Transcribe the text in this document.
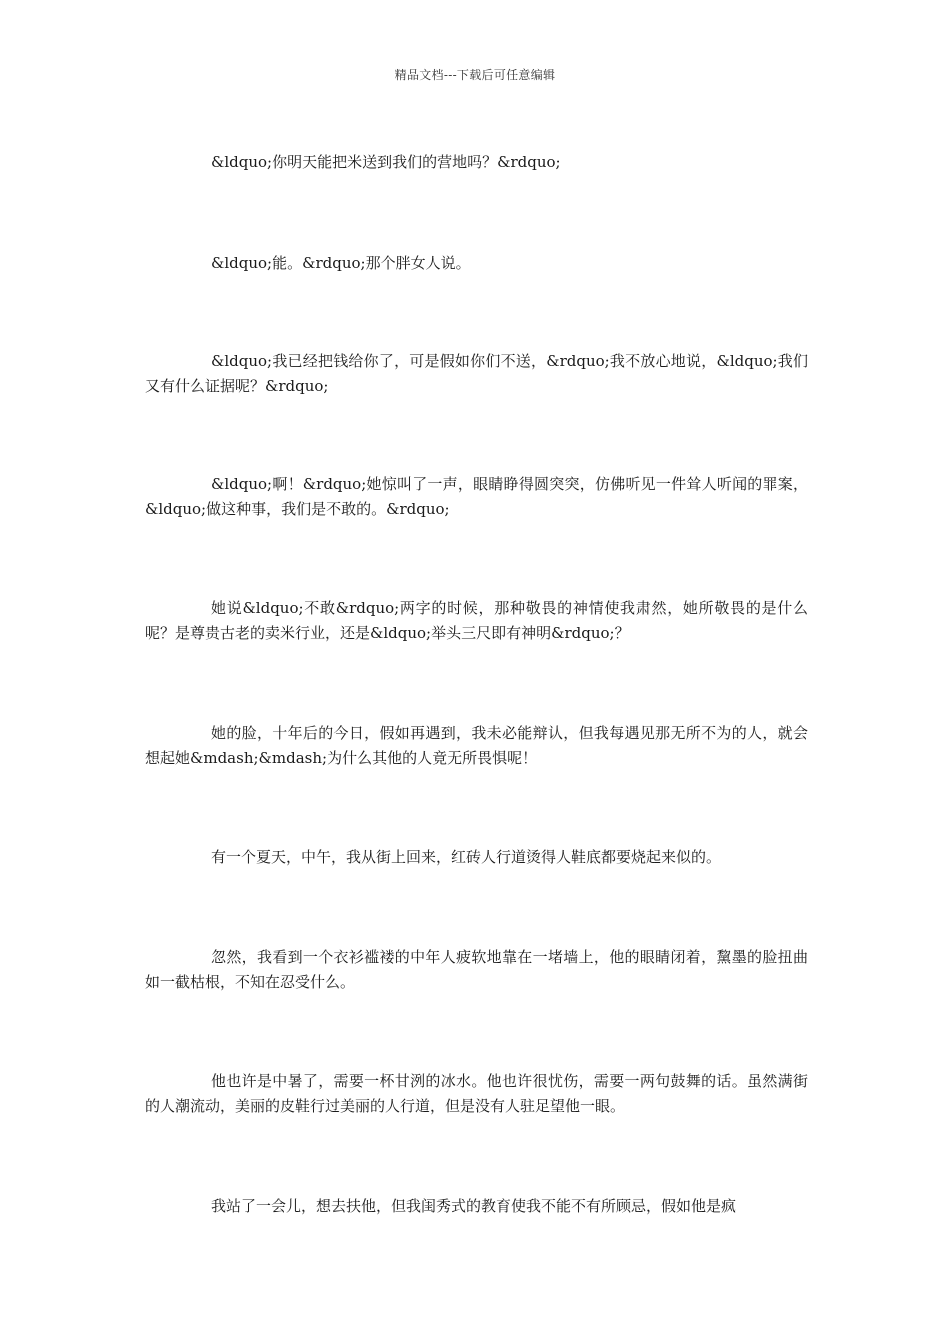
精品文档---下载后可任意编辑

&ldquo;你明天能把米送到我们的营地吗？&rdquo;

&ldquo;能。&rdquo;那个胖女人说。

&ldquo;我已经把钱给你了，可是假如你们不送，&rdquo;我不放心地说，&ldquo;我们又有什么证据呢？&rdquo;

&ldquo;啊！&rdquo;她惊叫了一声，眼睛睁得圆突突，仿佛听见一件耸人听闻的罪案，&ldquo;做这种事，我们是不敢的。&rdquo;

她说&ldquo;不敢&rdquo;两字的时候，那种敬畏的神情使我肃然，她所敬畏的是什么呢？是尊贵古老的卖米行业，还是&ldquo;举头三尺即有神明&rdquo;？

她的脸，十年后的今日，假如再遇到，我未必能辩认，但我每遇见那无所不为的人，就会想起她&mdash;&mdash;为什么其他的人竟无所畏惧呢！

有一个夏天，中午，我从街上回来，红砖人行道烫得人鞋底都要烧起来似的。

忽然，我看到一个衣衫褴褛的中年人疲软地靠在一堵墙上，他的眼睛闭着，黧墨的脸扭曲如一截枯根，不知在忍受什么。

他也许是中暑了，需要一杯甘洌的冰水。他也许很忧伤，需要一两句鼓舞的话。虽然满街的人潮流动，美丽的皮鞋行过美丽的人行道，但是没有人驻足望他一眼。

我站了一会儿，想去扶他，但我闺秀式的教育使我不能不有所顾忌，假如他是疯
